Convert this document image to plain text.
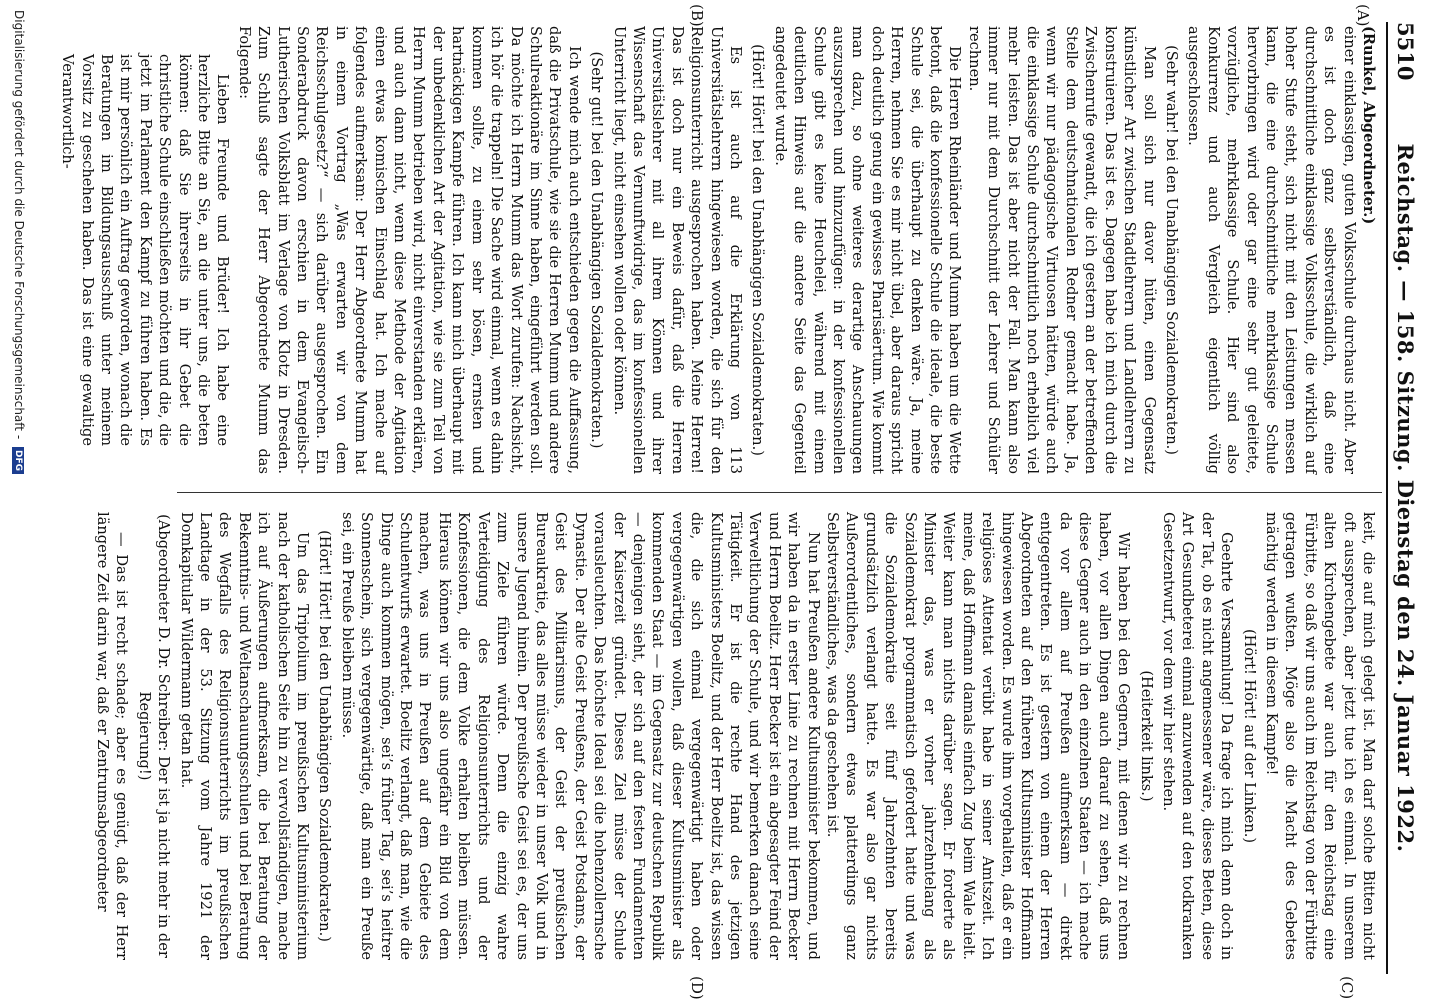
5510
Reichstag. — 158. Sitzung. Dienstag den 24. Januar 1922.
(A)
(B)
(C)
(D)

(Runkel, Abgeordneter.)

einer einklassigen, guten Volksschule durchaus nicht. Aber es ist doch ganz selbstverständlich, daß eine durchschnittliche einklassige Volksschule, die wirklich auf hoher Stufe steht, sich nicht mit den Leistungen messen kann, die eine durchschnittliche mehrklassige Schule hervorbringen wird oder gar eine sehr gut geleitete, vorzügliche, mehrklassige Schule. Hier sind also Konkurrenz und auch Vergleich eigentlich völlig ausgeschlossen.

(Sehr wahr! bei den Unabhängigen Sozialdemokraten.)

Man soll sich nur davor hüten, einen Gegensatz künstlicher Art zwischen Stadtlehrern und Landlehrern zu konstruieren. Das ist es. Dagegen habe ich mich durch die Zwischenrufe gewandt, die ich gestern an der betreffenden Stelle dem deutschnationalen Redner gemacht habe. Ja, wenn wir nur pädagogische Virtuosen hätten, würde auch die einklassige Schule durchschnittlich noch erheblich viel mehr leisten. Das ist aber nicht der Fall. Man kann also immer nur mit dem Durchschnitt der Lehrer und Schüler rechnen.

Die Herren Rheinländer und Mumm haben um die Wette betont, daß die konfessionelle Schule die ideale, die beste Schule sei, die überhaupt zu denken wäre. Ja, meine Herren, nehmen Sie es mir nicht übel, aber daraus spricht doch deutlich genug ein gewisses Pharisäertum. Wie kommt man dazu, so ohne weiteres derartige Anschauungen auszusprechen und hinzuzufügen: in der konfessionellen Schule gibt es keine Heuchelei, während mit einem deutlichen Hinweis auf die andere Seite das Gegenteil angedeutet wurde.

(Hört! Hört! bei den Unabhängigen Sozialdemokraten.)

Es ist auch auf die Erklärung von 113 Universitätslehrern hingewiesen worden, die sich für den Religionsunterricht ausgesprochen haben. Meine Herren! Das ist doch nur ein Beweis dafür, daß die Herren Universitätslehrer mit all ihrem Können und ihrer Wissenschaft das Vernunftwidrige, das im konfessionellen Unterricht liegt, nicht einsehen wollen oder können.

(Sehr gut! bei den Unabhängigen Sozialdemokraten.)

Ich wende mich auch entschieden gegen die Auffassung, daß die Privatschule, wie sie die Herren Mumm und andere Schulreaktionäre im Sinne haben, eingeführt werden soll. Da möchte ich Herrn Mumm das Wort zurufen: Nachsicht, ich hör die trappeln! Die Sache wird einmal, wenn es dahin kommen sollte, zu einem sehr bösen, ernsten und hartnäckigen Kampfe führen. Ich kann mich überhaupt mit der unbedenklichen Art der Agitation, wie sie zum Teil von Herrn Mumm betrieben wird, nicht einverstanden erklären, und auch dann nicht, wenn diese Methode der Agitation einen etwas komischen Einschlag hat. Ich mache auf folgendes aufmerksam: Der Herr Abgeordnete Mumm hat in einem Vortrag „Was erwarten wir von dem Reichsschulgesetz?“ — sich darüber ausgesprochen. Ein Sonderabdruck davon erschien in dem Evangelisch-Lutherischen Volksblatt im Verlage von Klotz in Dresden. Zum Schluß sagte der Herr Abgeordnete Mumm das Folgende:

Lieben Freunde und Brüder! Ich habe eine herzliche Bitte an Sie, an die unter uns, die beten können: daß Sie ihrerseits in ihr Gebet die christliche Schule einschließen möchten und die, die jetzt im Parlament den Kampf zu führen haben. Es ist mir persönlich ein Auftrag geworden, wonach die Beratungen im Bildungsausschuß unter meinem Vorsitz zu geschehen haben. Das ist eine gewaltige Verantwortlich-

keit, die auf mich gelegt ist. Man darf solche Bitten nicht oft aussprechen, aber jetzt tue ich es einmal. In unserem alten Kirchengebete war auch für den Reichstag eine Fürbitte, so daß wir uns auch im Reichstag von der Fürbitte getragen wußten. Möge also die Macht des Gebetes mächtig werden in diesem Kampfe!

(Hört! Hört! auf der Linken.)

Geehrte Versammlung! Da frage ich mich denn doch in der Tat, ob es nicht angemessener wäre, dieses Beten, diese Art Gesundbeterei einmal anzuwenden auf den todkranken Gesetzentwurf, vor dem wir hier stehen.

(Heiterkeit links.)

Wir haben bei den Gegnern, mit denen wir zu rechnen haben, vor allen Dingen auch darauf zu sehen, daß uns diese Gegner auch in den einzelnen Staaten — ich mache da vor allem auf Preußen aufmerksam — direkt entgegentreten. Es ist gestern von einem der Herren Abgeordneten auf den früheren Kultusminister Hoffmann hingewiesen worden. Es wurde ihm vorgehalten, daß er ein religiöses Attentat verübt habe in seiner Amtszeit. Ich meine, daß Hoffmann damals einfach Zug beim Wale hielt. Weiter kann man nichts darüber sagen. Er forderte als Minister das, was er vorher jahrzehntelang als Sozialdemokrat programmatisch gefordert hatte und was die Sozialdemokratie seit fünf Jahrzehnten bereits grundsätzlich verlangt hatte. Es war also gar nichts Außerordentliches, sondern etwas platterdings ganz Selbstverständliches, was da geschehen ist.

Nun hat Preußen andere Kultusminister bekommen, und wir haben da in erster Linie zu rechnen mit Herrn Becker und Herrn Boelitz. Herr Becker ist ein abgesagter Feind der Verweltlichung der Schule, und wir bemerken danach seine Tätigkeit. Er ist die rechte Hand des jetzigen Kultusministers Boelitz, und der Herr Boelitz ist, das wissen die, die sich einmal vergegenwärtigt haben oder vergegenwärtigen wollen, daß dieser Kultusminister als kommenden Staat — im Gegensatz zur deutschen Republik — denjenigen sieht, der sich auf den festen Fundamenten der Kaiserzeit gründet. Dieses Ziel müsse der Schule vorausleuchten. Das höchste Ideal sei die hohenzollernsche Dynastie. Der alte Geist Preußens, der Geist Potsdams, der Geist des Militarismus, der Geist der preußischen Bureaukratie, das alles müsse wieder in unser Volk und in unsere Jugend hinein. Der preußische Geist sei es, der uns zum Ziele führen würde. Denn die einzig wahre Verteidigung des Religionsunterrichts und der Konfessionen, die dem Volke erhalten bleiben müssen. Hieraus können wir uns also ungefähr ein Bild von dem machen, was uns in Preußen auf dem Gebiete des Schulentwurfs erwartet. Boelitz verlangt, daß man, wie die Dinge auch kommen mögen, sei’s früher Tag, sei’s heitrer Sonnenschein, sich vergegenwärtige, daß man ein Preuße sei, ein Preuße bleiben müsse.

(Hört! Hört! bei den Unabhängigen Sozialdemokraten.)

Um das Triptolium im preußischen Kultusministerium nach der katholischen Seite hin zu vervollständigen, mache ich auf Äußerungen aufmerksam, die bei Beratung der Bekenntnis- und Weltanschauungsschulen und bei Beratung des Wegfalls des Religionsunterrichts im preußischen Landtage in der 53. Sitzung vom Jahre 1921 der Domkapitular Wildermann getan hat.

(Abgeordneter D. Dr. Schreiber: Der ist ja nicht mehr in der Regierung!)

— Das ist recht schade; aber es genügt, daß der Herr längere Zeit darin war, daß er Zentrumsabgeordneter

Digitalisierung gefördert durch die Deutsche Forschungsgemeinschaft - DFG
